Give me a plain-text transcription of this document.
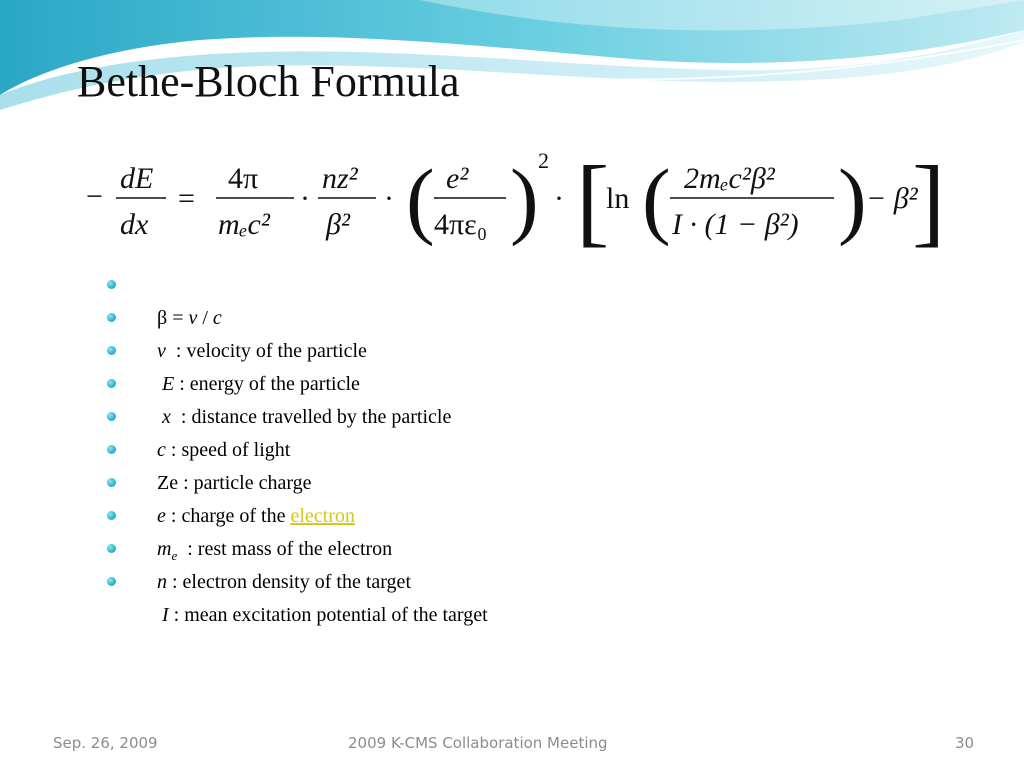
Bethe-Bloch Formula
−
dE
dx
=
4π
mₑc²
·
nz²
β²
· ( e²
4πε₀ ) 2
· [
ln ( 2mₑc²β²
I · (1 − β²) ) − β²
]

β = v / c

v  : velocity of the particle

E : energy of the particle

x  : distance travelled by the particle

c : speed of light

Ze : particle charge

e : charge of the electron

$m_e$  : rest mass of the electron

n : electron density of the target

I : mean excitation potential of the target

Sep. 26, 2009	2009 K-CMS Collaboration Meeting	30
